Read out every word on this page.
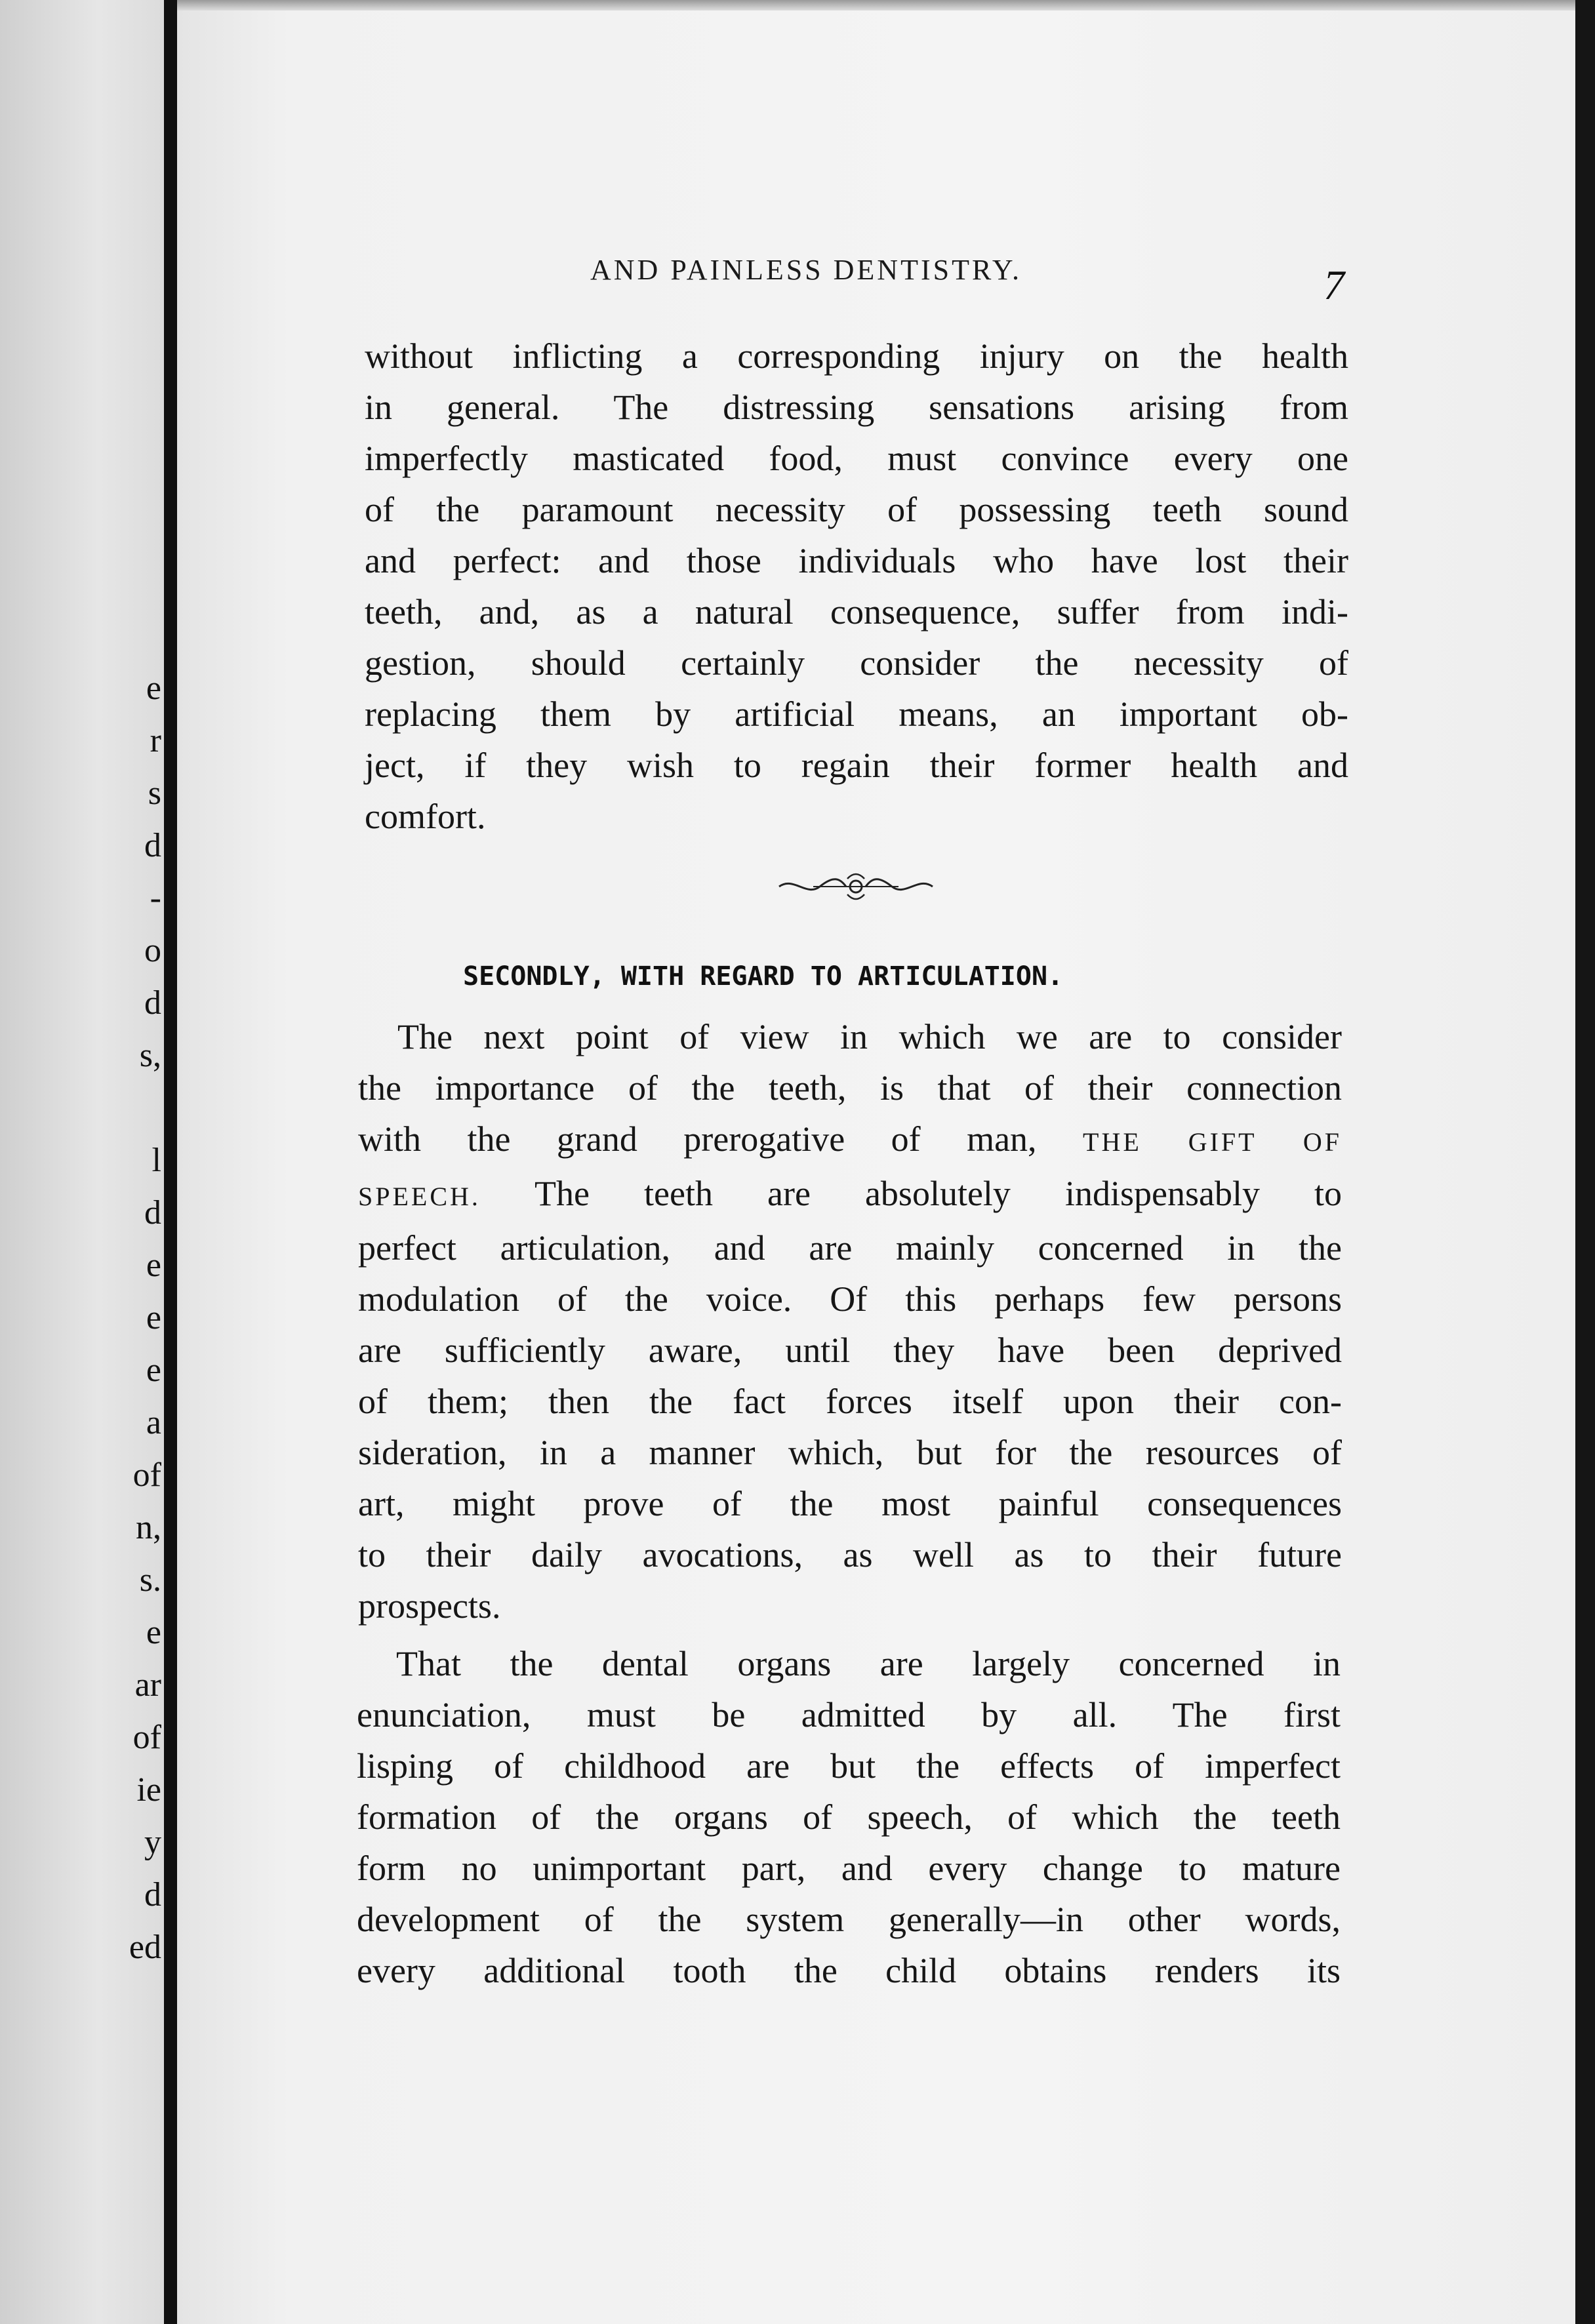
e
r
s
d
-
o
d
s,
l
d
e
e
e
a
of
n,
s.
e
ar
of
ie
y
d
ed
AND PAINLESS DENTISTRY.	7
without inflicting a corresponding injury on the health
in general. The distressing sensations arising from
imperfectly masticated food, must convince every one
of the paramount necessity of possessing teeth sound
and perfect: and those individuals who have lost their
teeth, and, as a natural consequence, suffer from indi-
gestion, should certainly consider the necessity of
replacing them by artificial means, an important ob-
ject, if they wish to regain their former health and
comfort.
SECONDLY, WITH REGARD TO ARTICULATION.
The next point of view in which we are to consider
the importance of the teeth, is that of their connection
with the grand prerogative of man, THE GIFT OF
SPEECH. The teeth are absolutely indispensably to
perfect articulation, and are mainly concerned in the
modulation of the voice. Of this perhaps few persons
are sufficiently aware, until they have been deprived
of them; then the fact forces itself upon their con-
sideration, in a manner which, but for the resources of
art, might prove of the most painful consequences
to their daily avocations, as well as to their future
prospects.
That the dental organs are largely concerned in
enunciation, must be admitted by all. The first
lisping of childhood are but the effects of imperfect
formation of the organs of speech, of which the teeth
form no unimportant part, and every change to mature
development of the system generally—in other words,
every additional tooth the child obtains renders its
